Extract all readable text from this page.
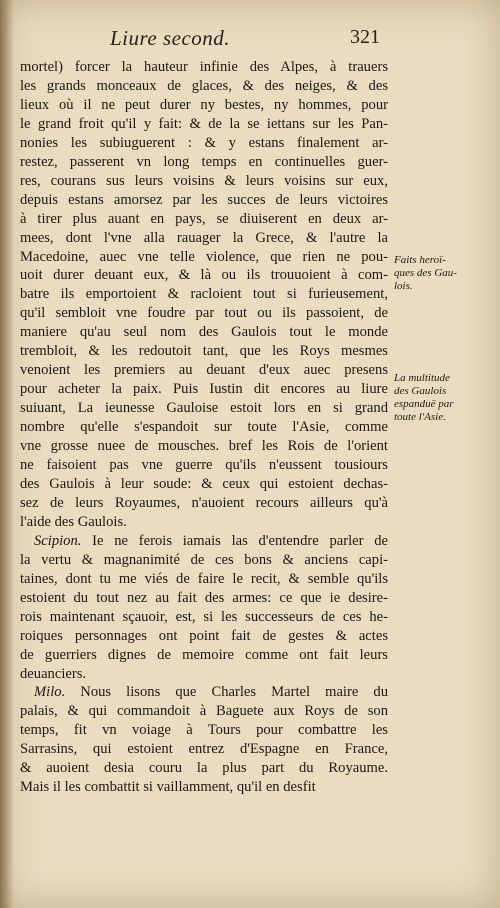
Liure second.	321
mortel) forcer la hauteur infinie des Alpes, à trauers
les grands monceaux de glaces, & des neiges, & des
lieux où il ne peut durer ny bestes, ny hommes, pour
le grand froit qu'il y fait: & de la se iettans sur les Pan-
nonies les subiuguerent : & y estans finalement ar-
restez, passerent vn long temps en continuelles guer-
res, courans sus leurs voisins & leurs voisins sur eux,
depuis estans amorsez par les succes de leurs victoires
à tirer plus auant en pays, se diuiserent en deux ar-
mees, dont l'vne alla rauager la Grece, & l'autre la
Macedoine, auec vne telle violence, que rien ne pou-
uoit durer deuant eux, & là ou ils trouuoient à com-
batre ils emportoient & racloient tout si furieusement,
qu'il sembloit vne foudre par tout ou ils passoient, de
maniere qu'au seul nom des Gaulois tout le monde
trembloit, & les redoutoit tant, que les Roys mesmes
venoient les premiers au deuant d'eux auec presens
pour acheter la paix. Puis Iustin dit encores au liure
suiuant, La ieunesse Gauloise estoit lors en si grand
nombre qu'elle s'espandoit sur toute l'Asie, comme
vne grosse nuee de mousches. bref les Rois de l'orient
ne faisoient pas vne guerre qu'ils n'eussent tousiours
des Gaulois à leur soude: & ceux qui estoient dechas-
sez de leurs Royaumes, n'auoient recours ailleurs qu'à
l'aide des Gaulois.
Scipion. Ie ne ferois iamais las d'entendre parler de
la vertu & magnanimité de ces bons & anciens capi-
taines, dont tu me viés de faire le recit, & semble qu'ils
estoient du tout nez au fait des armes: ce que ie desire-
rois maintenant sçauoir, est, si les successeurs de ces he-
roiques personnages ont point fait de gestes & actes
de guerriers dignes de memoire comme ont fait leurs
deuanciers.
Milo. Nous lisons que Charles Martel maire du
palais, & qui commandoit à Baguete aux Roys de son
temps, fit vn voiage à Tours pour combattre les
Sarrasins, qui estoient entrez d'Espagne en France,
& auoient desia couru la plus part du Royaume.
Mais il les combattit si vaillamment, qu'il en desfit
Faits heroï-
ques des Gau-
lois.
La multitude
des Gaulois
espanduë par
toute l'Asie.
